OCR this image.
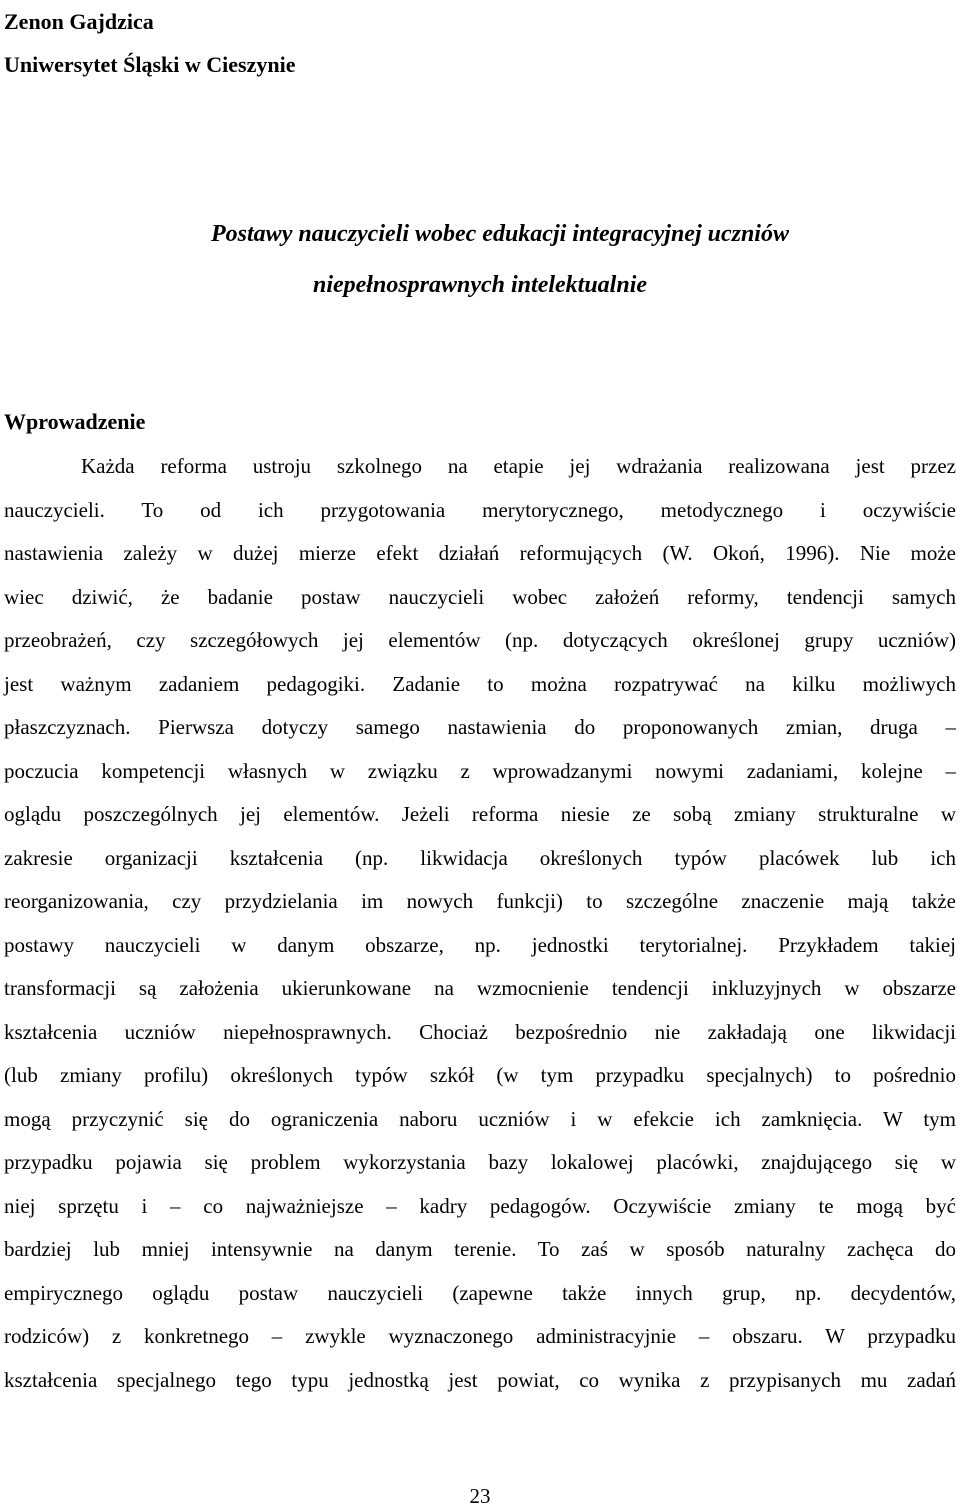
Zenon Gajdzica
Uniwersytet Śląski w Cieszynie
Postawy nauczycieli wobec edukacji integracyjnej uczniów
niepełnosprawnych intelektualnie
Wprowadzenie
Każda reforma ustroju szkolnego na etapie jej wdrażania realizowana jest przez
nauczycieli. To od ich przygotowania merytorycznego, metodycznego i oczywiście
nastawienia zależy w dużej mierze efekt działań reformujących (W. Okoń, 1996). Nie może
wiec dziwić, że badanie postaw nauczycieli wobec założeń reformy, tendencji samych
przeobrażeń, czy szczegółowych jej elementów (np. dotyczących określonej grupy uczniów)
jest ważnym zadaniem pedagogiki. Zadanie to można rozpatrywać na kilku możliwych
płaszczyznach. Pierwsza dotyczy samego nastawienia do proponowanych zmian, druga –
poczucia kompetencji własnych w związku z wprowadzanymi nowymi zadaniami, kolejne –
oglądu poszczególnych jej elementów. Jeżeli reforma niesie ze sobą zmiany strukturalne w
zakresie organizacji kształcenia (np. likwidacja określonych typów placówek lub ich
reorganizowania, czy przydzielania im nowych funkcji) to szczególne znaczenie mają także
postawy nauczycieli w danym obszarze, np. jednostki terytorialnej. Przykładem takiej
transformacji są założenia ukierunkowane na wzmocnienie tendencji inkluzyjnych w obszarze
kształcenia uczniów niepełnosprawnych. Chociaż bezpośrednio nie zakładają one likwidacji
(lub zmiany profilu) określonych typów szkół (w tym przypadku specjalnych) to pośrednio
mogą przyczynić się do ograniczenia naboru uczniów i w efekcie ich zamknięcia. W tym
przypadku pojawia się problem wykorzystania bazy lokalowej placówki, znajdującego się w
niej sprzętu i – co najważniejsze – kadry pedagogów. Oczywiście zmiany te mogą być
bardziej lub mniej intensywnie na danym terenie. To zaś w sposób naturalny zachęca do
empirycznego oglądu postaw nauczycieli (zapewne także innych grup, np. decydentów,
rodziców) z konkretnego – zwykle wyznaczonego administracyjnie – obszaru. W przypadku
kształcenia specjalnego tego typu jednostką jest powiat, co wynika z przypisanych mu zadań
23
